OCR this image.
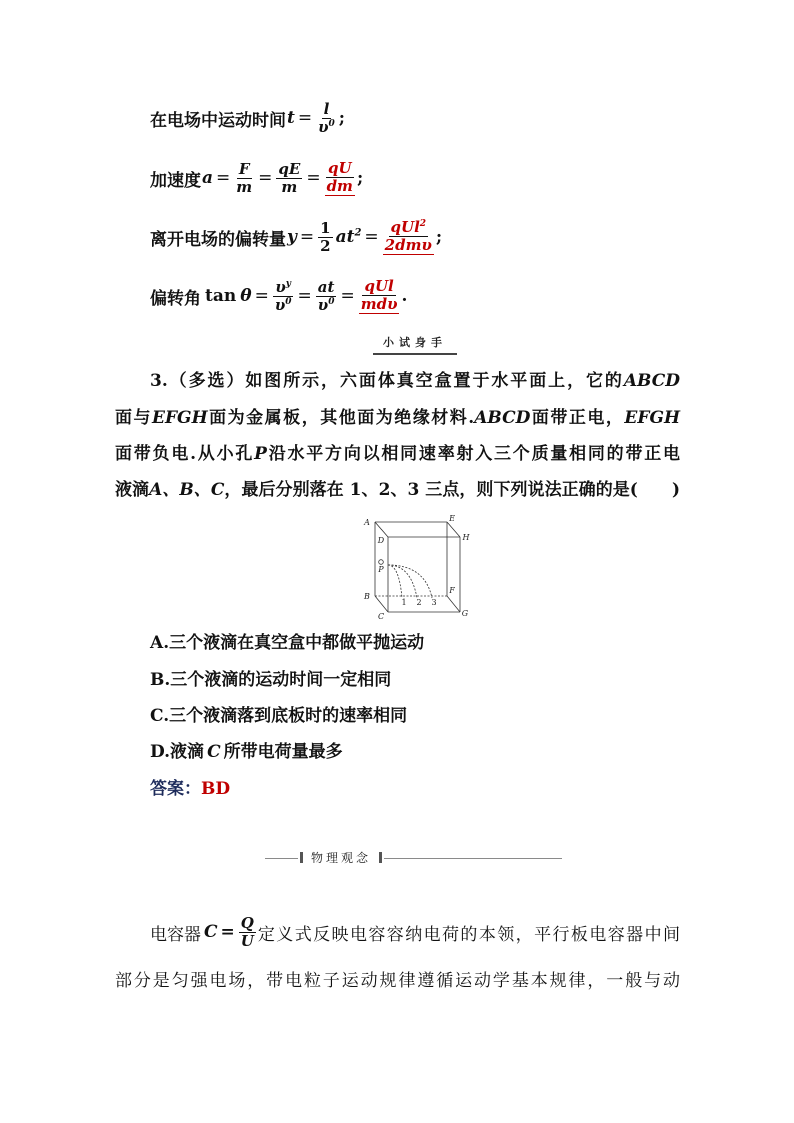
在电场中运动时间 $t = \frac{l}{\upsilon^0}$ ;
加速度 $a = \frac{F}{m} = \frac{qE}{m} = \frac{qU}{dm}$ ;
离开电场的偏转量 $y = \frac{1}{2} at^2 = \frac{qUl^2}{\text{2dmυ}}$ ;
偏转角 $\tan \theta = \frac{\upsilon^y}{\upsilon^0} = \frac{at}{\upsilon^0} = \frac{\text{qUl}}{\text{mdυ}}$ .
小试身手
3.（多选）如图所示，六面体真空盒置于水平面上，它的ABCD
面与EFGH面为金属板，其他面为绝缘材料.ABCD面带正电，EFGH
面带负电.从小孔P沿水平方向以相同速率射入三个质量相同的带正电
液滴A、B、C，最后分别落在 1、2、3 三点，则下列说法正确的是(　　)
A	E
D	H
P
F
B
C	G
1 2 3
A.三个液滴在真空盒中都做平抛运动
B.三个液滴的运动时间一定相同
C.三个液滴落到底板时的速率相同
D.液滴 C 所带电荷量最多
答案：BD
物理观念
电容器 $C = \frac{Q}{U}$ 定义式反映电容容纳电荷的本领，平行板电容器中间
部分是匀强电场，带电粒子运动规律遵循运动学基本规律，一般与动
